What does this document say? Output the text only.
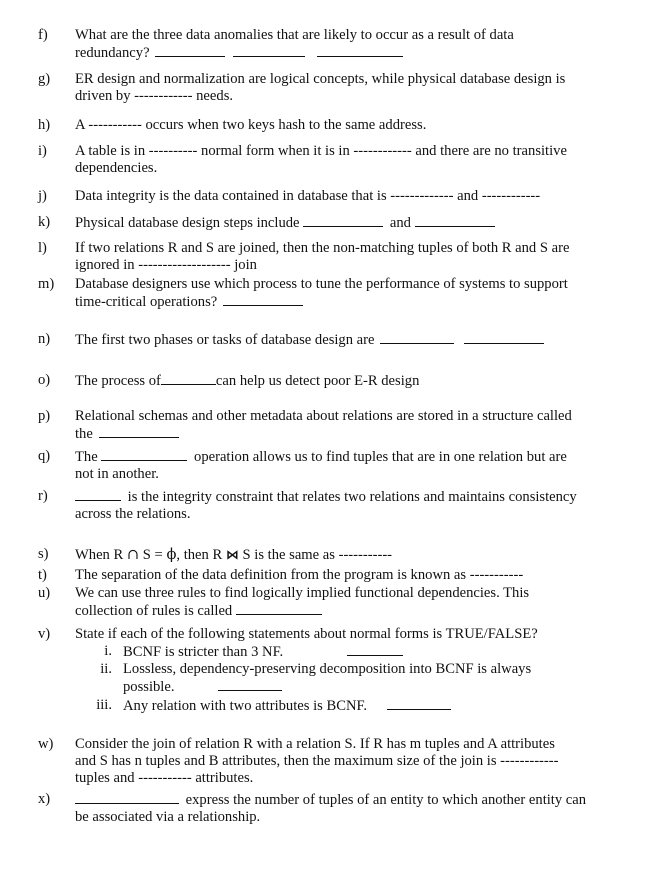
f) What are the three data anomalies that are likely to occur as a result of data
redundancy?
g) ER design and normalization are logical concepts, while physical database design is
driven by ------------ needs.
h) A ----------- occurs when two keys hash to the same address.
i) A table is in ---------- normal form when it is in ------------ and there are no transitive
dependencies.
j) Data integrity is the data contained in database that is ------------- and ------------
k) Physical database design steps include	and
l) If two relations R and S are joined, then the non-matching tuples of both R and S are
ignored in ------------------- join
m) Database designers use which process to tune the performance of systems to support
time-critical operations?
n) The first two phases or tasks of database design are
o) The process of	can help us detect poor E-R design
p) Relational schemas and other metadata about relations are stored in a structure called
the
q) The	operation allows us to find tuples that are in one relation but are
not in another.
r)	is the integrity constraint that relates two relations and maintains consistency
across the relations.
s) When R ∩ S = ϕ, then R ⋈ S is the same as -----------
t) The separation of the data definition from the program is known as -----------
u) We can use three rules to find logically implied functional dependencies. This
collection of rules is called
v) State if each of the following statements about normal forms is TRUE/FALSE?
i. BCNF is stricter than 3 NF.
ii. Lossless, dependency-preserving decomposition into BCNF is always
possible.
iii. Any relation with two attributes is BCNF.
w) Consider the join of relation R with a relation S. If R has m tuples and A attributes
and S has n tuples and B attributes, then the maximum size of the join is ------------
tuples and ----------- attributes.
x)	express the number of tuples of an entity to which another entity can
be associated via a relationship.
